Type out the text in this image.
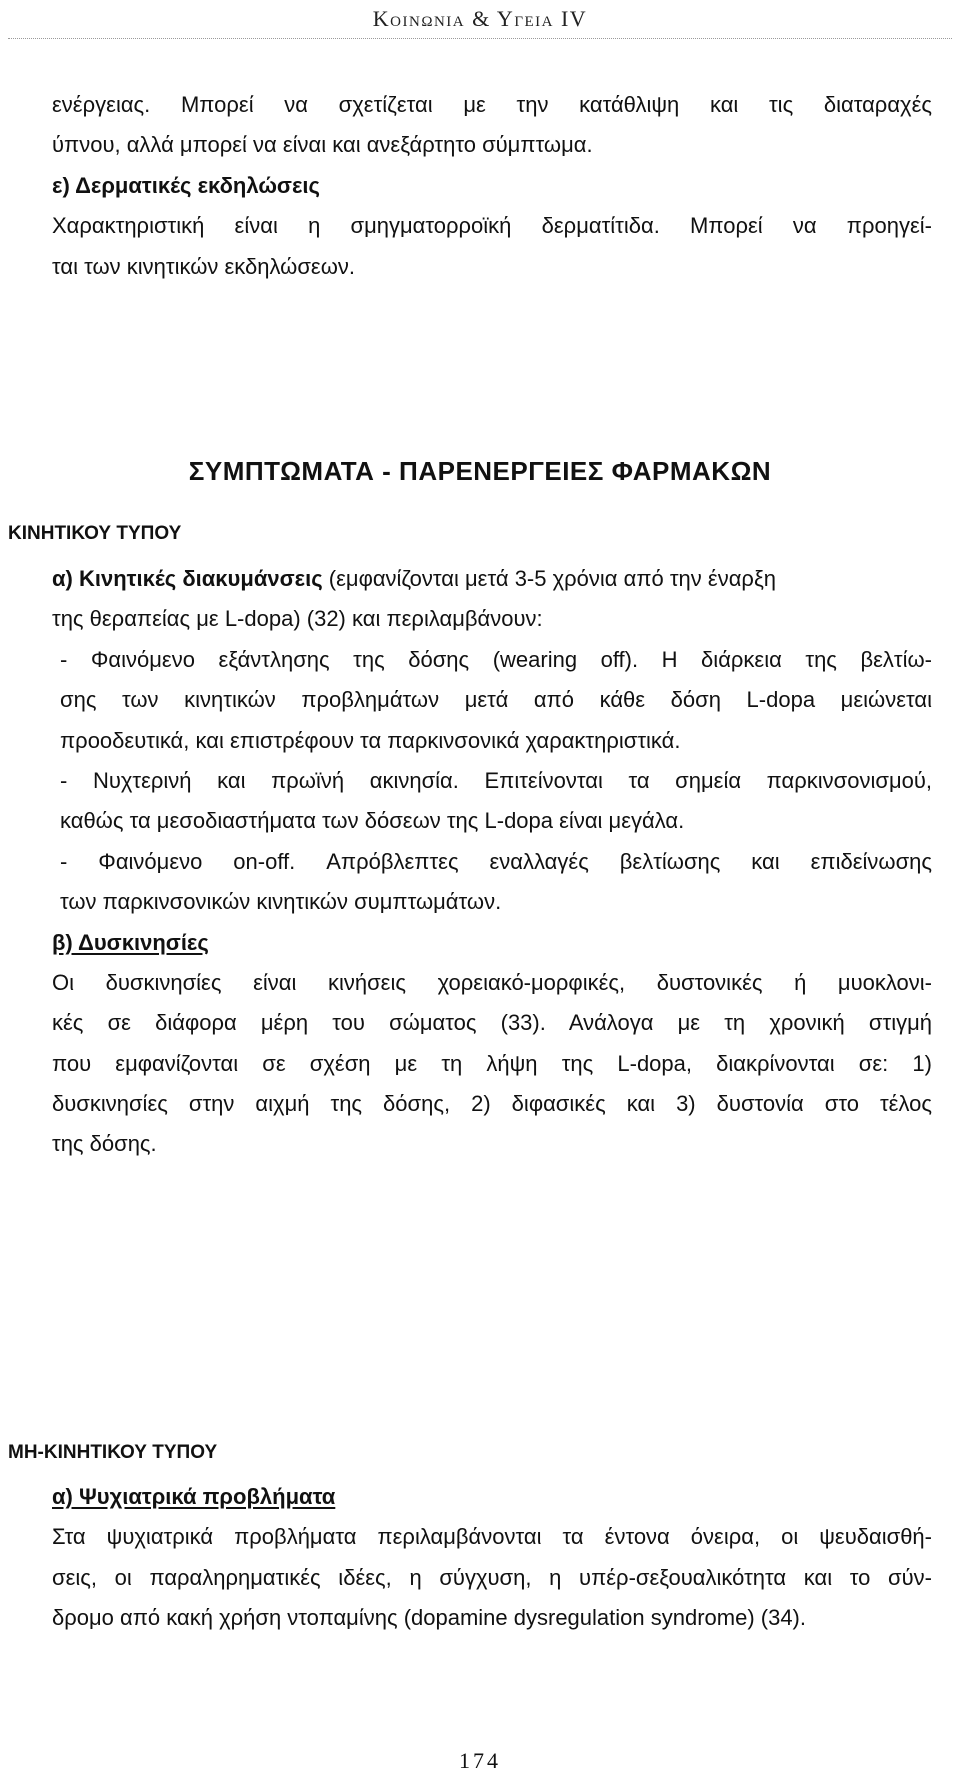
Κοινωνια & Υγεια IV

ενέργειας. Μπορεί να σχετίζεται με την κατάθλιψη και τις διαταραχές

ύπνου, αλλά μπορεί να είναι και ανεξάρτητο σύμπτωμα.

ε) Δερματικές εκδηλώσεις

Χαρακτηριστική είναι η σμηγματορροϊκή δερματίτιδα. Μπορεί να προηγεί-

ται των κινητικών εκδηλώσεων.

ΣΥΜΠΤΩΜΑΤΑ - ΠΑΡΕΝΕΡΓΕΙΕΣ ΦΑΡΜΑΚΩΝ
ΚΙΝΗΤΙΚΟΥ ΤΥΠΟΥ

α) Κινητικές διακυμάνσεις (εμφανίζονται μετά 3-5 χρόνια από την έναρξη

της θεραπείας με L-dopa) (32) και περιλαμβάνουν:

- Φαινόμενο εξάντλησης της δόσης (wearing off). Η διάρκεια της βελτίω-

σης των κινητικών προβλημάτων μετά από κάθε δόση L-dopa μειώνεται

προοδευτικά, και επιστρέφουν τα παρκινσονικά χαρακτηριστικά.

- Νυχτερινή και πρωϊνή ακινησία. Επιτείνονται τα σημεία παρκινσονισμού,

καθώς τα μεσοδιαστήματα των δόσεων της L-dopa είναι μεγάλα.

- Φαινόμενο on-off. Απρόβλεπτες εναλλαγές βελτίωσης και επιδείνωσης

των παρκινσονικών κινητικών συμπτωμάτων.

β) Δυσκινησίες

Οι δυσκινησίες είναι κινήσεις χορειακό-μορφικές, δυστονικές ή μυοκλονι-

κές σε διάφορα μέρη του σώματος (33). Ανάλογα με τη χρονική στιγμή

που εμφανίζονται σε σχέση με τη λήψη της L-dopa, διακρίνονται σε: 1)

δυσκινησίες στην αιχμή της δόσης, 2) διφασικές και 3) δυστονία στο τέλος

της δόσης.

ΜΗ-ΚΙΝΗΤΙΚΟΥ ΤΥΠΟΥ

α) Ψυχιατρικά προβλήματα

Στα ψυχιατρικά προβλήματα περιλαμβάνονται τα έντονα όνειρα, οι ψευδαισθή-

σεις, οι παραληρηματικές ιδέες, η σύγχυση, η υπέρ-σεξουαλικότητα και το σύν-

δρομο από κακή χρήση ντοπαμίνης (dopamine dysregulation syndrome) (34).

174
